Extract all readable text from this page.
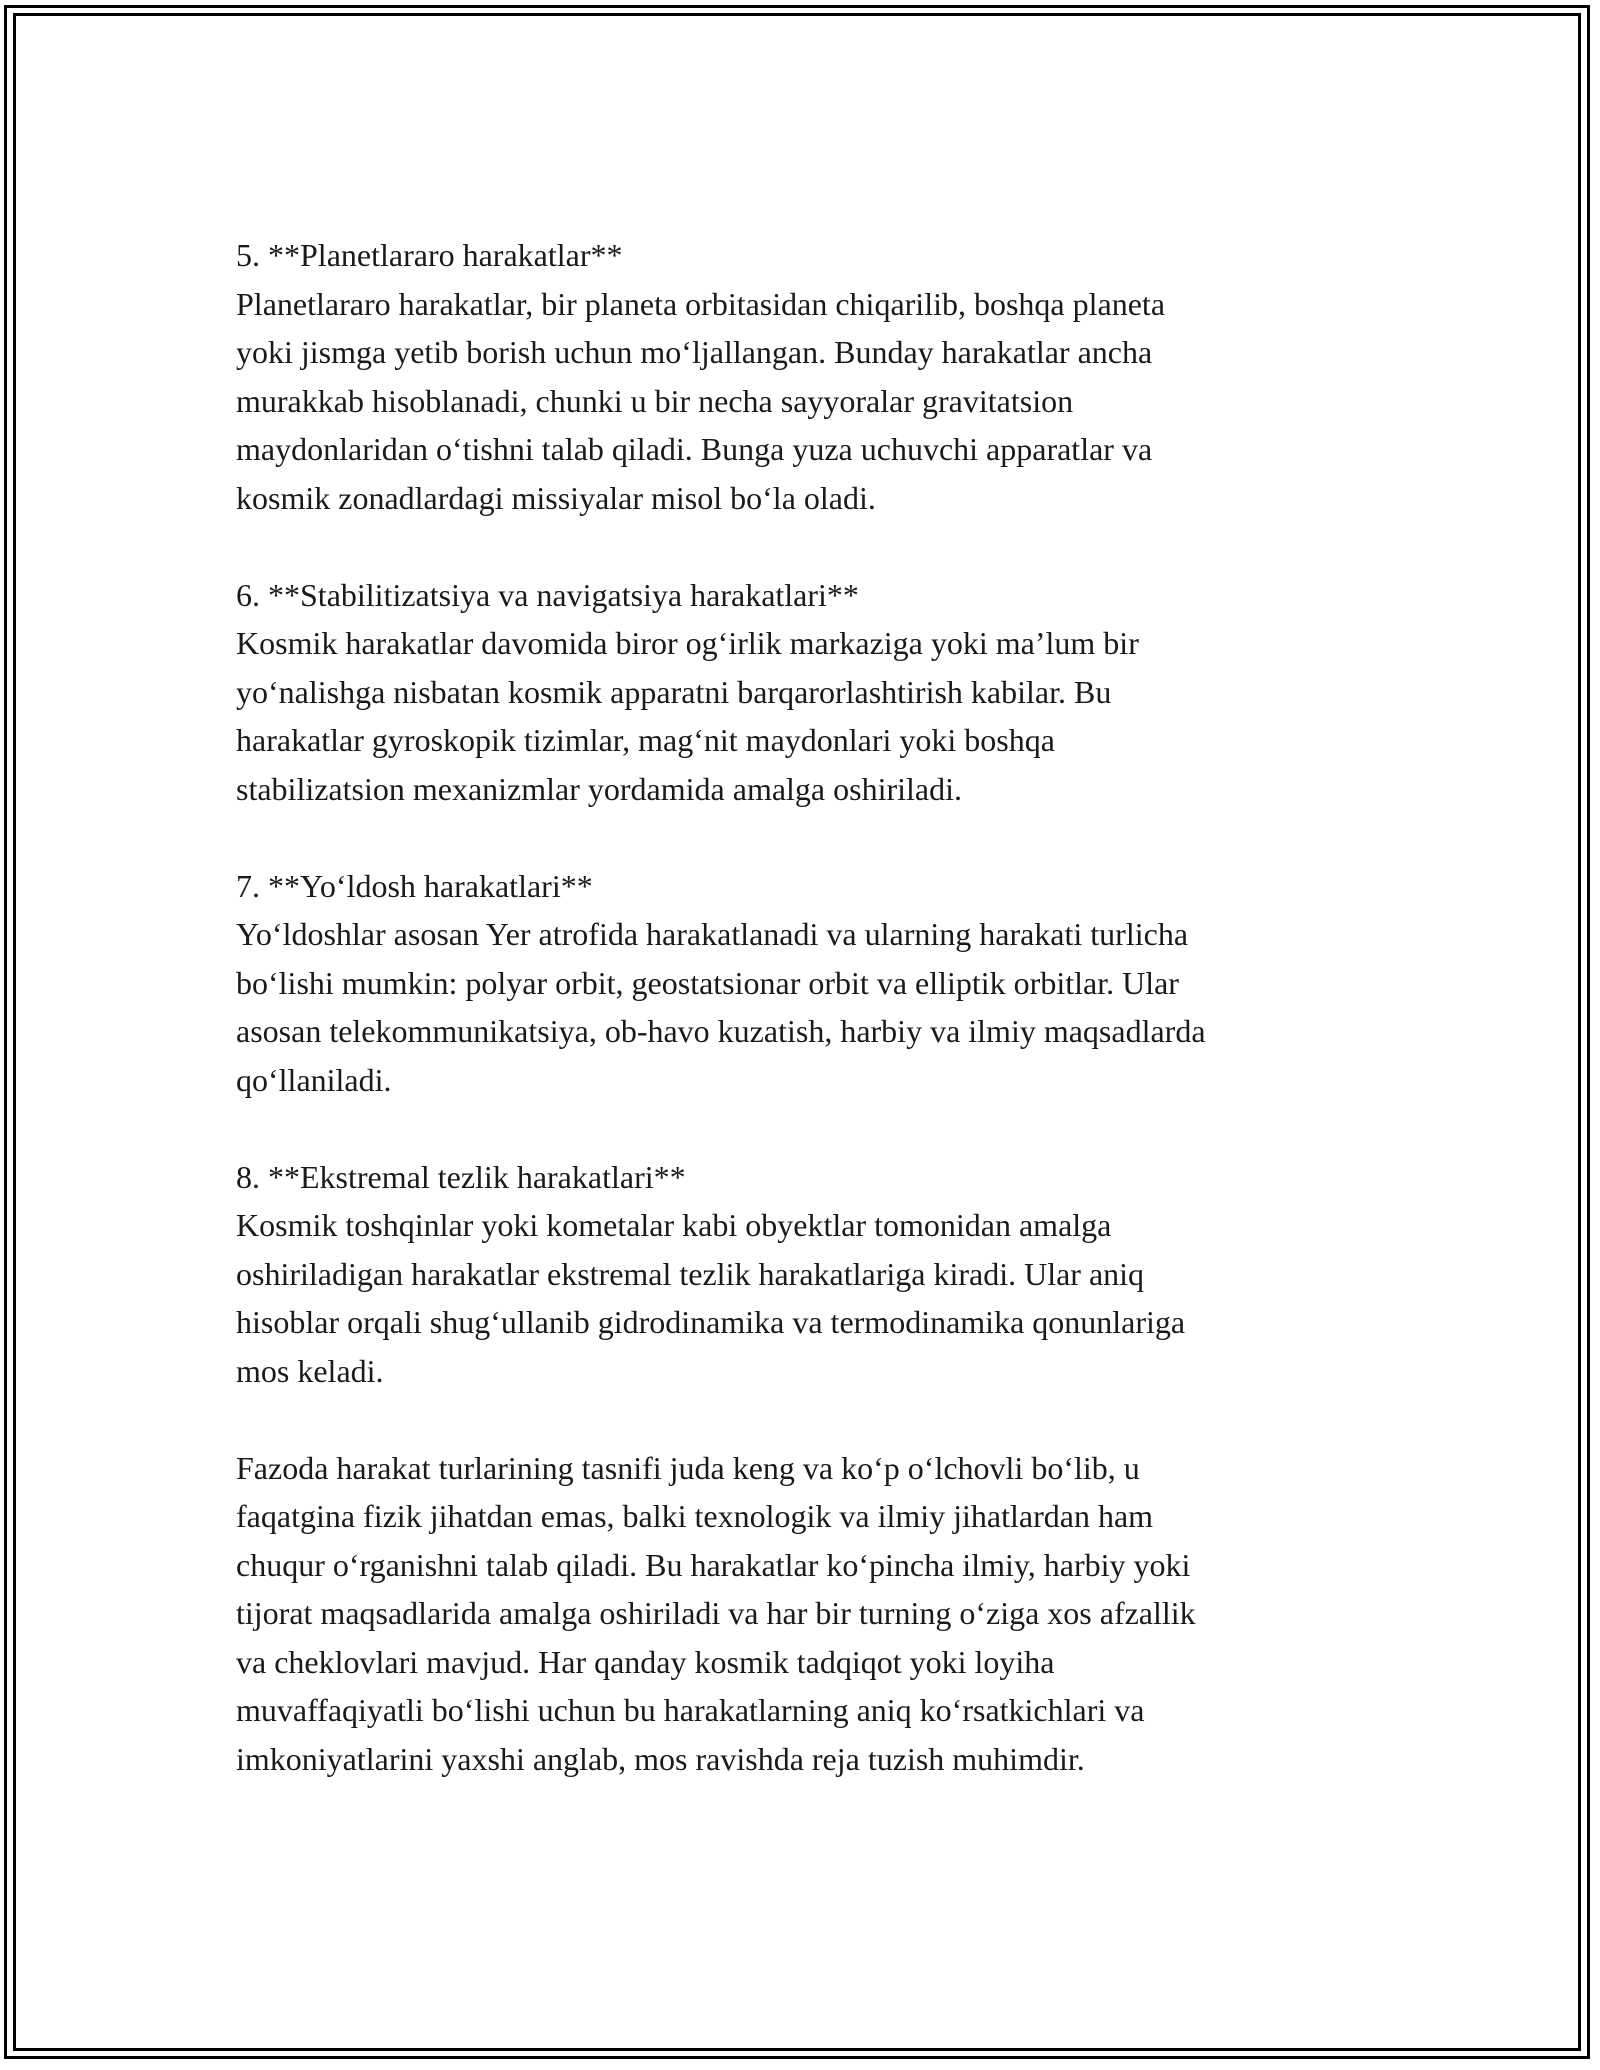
5. **Planetlararo harakatlar**

Planetlararo harakatlar, bir planeta orbitasidan chiqarilib, boshqa planeta
yoki jismga yetib borish uchun mo‘ljallangan. Bunday harakatlar ancha
murakkab hisoblanadi, chunki u bir necha sayyoralar gravitatsion
maydonlaridan o‘tishni talab qiladi. Bunga yuza uchuvchi apparatlar va
kosmik zonadlardagi missiyalar misol bo‘la oladi.

6. **Stabilitizatsiya va navigatsiya harakatlari**

Kosmik harakatlar davomida biror og‘irlik markaziga yoki ma’lum bir
yo‘nalishga nisbatan kosmik apparatni barqarorlashtirish kabilar. Bu
harakatlar gyroskopik tizimlar, mag‘nit maydonlari yoki boshqa
stabilizatsion mexanizmlar yordamida amalga oshiriladi.

7. **Yo‘ldosh harakatlari**

Yo‘ldoshlar asosan Yer atrofida harakatlanadi va ularning harakati turlicha
bo‘lishi mumkin: polyar orbit, geostatsionar orbit va elliptik orbitlar. Ular
asosan telekommunikatsiya, ob-havo kuzatish, harbiy va ilmiy maqsadlarda
qo‘llaniladi.

8. **Ekstremal tezlik harakatlari**

Kosmik toshqinlar yoki kometalar kabi obyektlar tomonidan amalga
oshiriladigan harakatlar ekstremal tezlik harakatlariga kiradi. Ular aniq
hisoblar orqali shug‘ullanib gidrodinamika va termodinamika qonunlariga
mos keladi.

Fazoda harakat turlarining tasnifi juda keng va ko‘p o‘lchovli bo‘lib, u
faqatgina fizik jihatdan emas, balki texnologik va ilmiy jihatlardan ham
chuqur o‘rganishni talab qiladi. Bu harakatlar ko‘pincha ilmiy, harbiy yoki
tijorat maqsadlarida amalga oshiriladi va har bir turning o‘ziga xos afzallik
va cheklovlari mavjud. Har qanday kosmik tadqiqot yoki loyiha
muvaffaqiyatli bo‘lishi uchun bu harakatlarning aniq ko‘rsatkichlari va
imkoniyatlarini yaxshi anglab, mos ravishda reja tuzish muhimdir.
